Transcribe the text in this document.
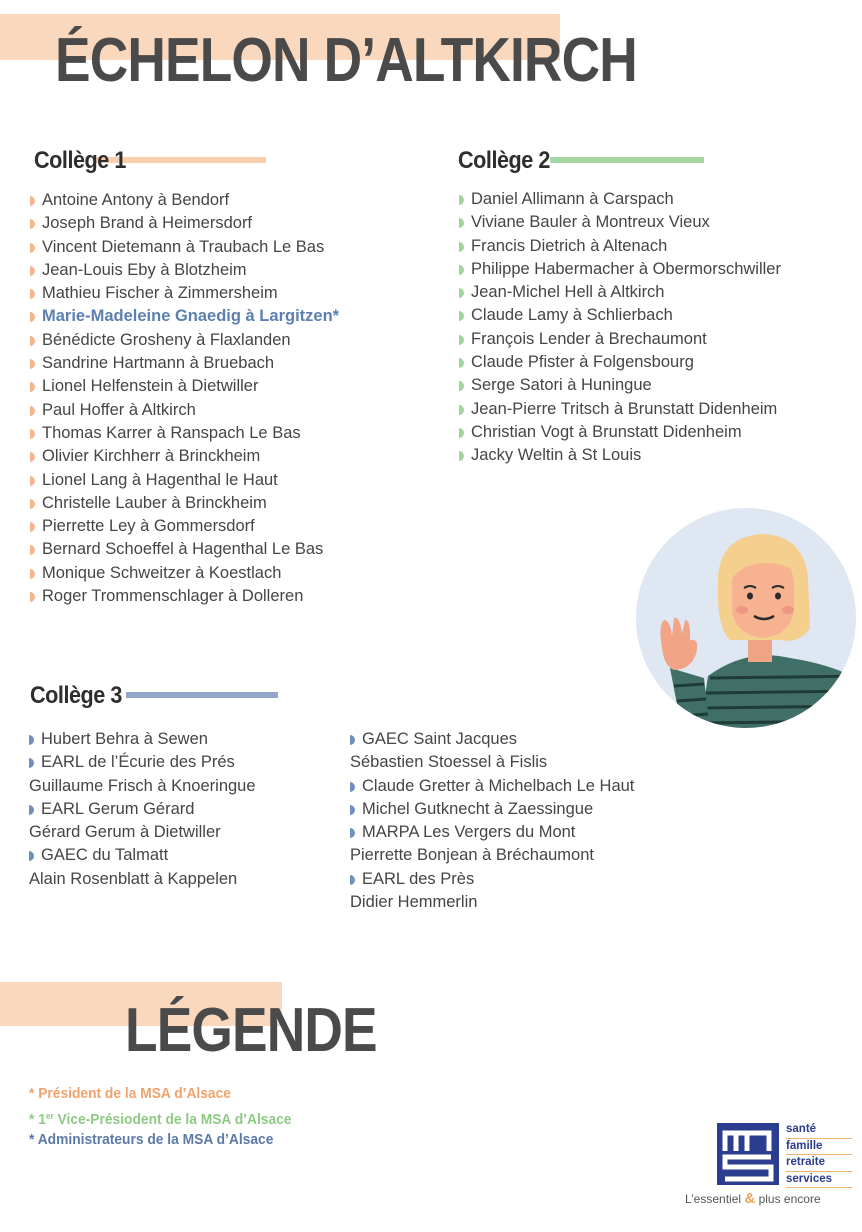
ÉCHELON D’ALTKIRCH
Collège 1
Antoine Antony à Bendorf
Joseph Brand à Heimersdorf
Vincent Dietemann à Traubach Le Bas
Jean-Louis Eby à Blotzheim
Mathieu Fischer à Zimmersheim
Marie-Madeleine Gnaedig à Largitzen*
Bénédicte Grosheny à Flaxlanden
Sandrine Hartmann à Bruebach
Lionel Helfenstein à Dietwiller
Paul Hoffer à Altkirch
Thomas Karrer à Ranspach Le Bas
Olivier Kirchherr à Brinckheim
Lionel Lang à Hagenthal le Haut
Christelle Lauber à Brinckheim
Pierrette Ley à Gommersdorf
Bernard Schoeffel à Hagenthal Le Bas
Monique Schweitzer à Koestlach
Roger Trommenschlager à Dolleren
Collège 2
Daniel Allimann à Carspach
Viviane Bauler à Montreux Vieux
Francis Dietrich à Altenach
Philippe Habermacher à Obermorschwiller
Jean-Michel Hell à Altkirch
Claude Lamy à Schlierbach
François Lender à Brechaumont
Claude Pfister à Folgensbourg
Serge Satori à Huningue
Jean-Pierre Tritsch à Brunstatt Didenheim
Christian Vogt à Brunstatt Didenheim
Jacky Weltin à St Louis
Collège 3
Hubert Behra à Sewen
EARL de l’Écurie des Prés
Guillaume Frisch à Knoeringue
EARL Gerum Gérard
Gérard Gerum à Dietwiller
GAEC du Talmatt
Alain Rosenblatt à Kappelen
GAEC Saint Jacques
Sébastien Stoessel à Fislis
Claude Gretter à Michelbach Le Haut
Michel Gutknecht à Zaessingue
MARPA Les Vergers du Mont
Pierrette Bonjean à Bréchaumont
EARL des Près
Didier Hemmerlin
LÉGENDE
* Président de la MSA d’Alsace
* 1er Vice-Présiodent de la MSA d’Alsace
* Administrateurs de la MSA d’Alsace
santé
famille
retraite
services
L’essentiel & plus encore
